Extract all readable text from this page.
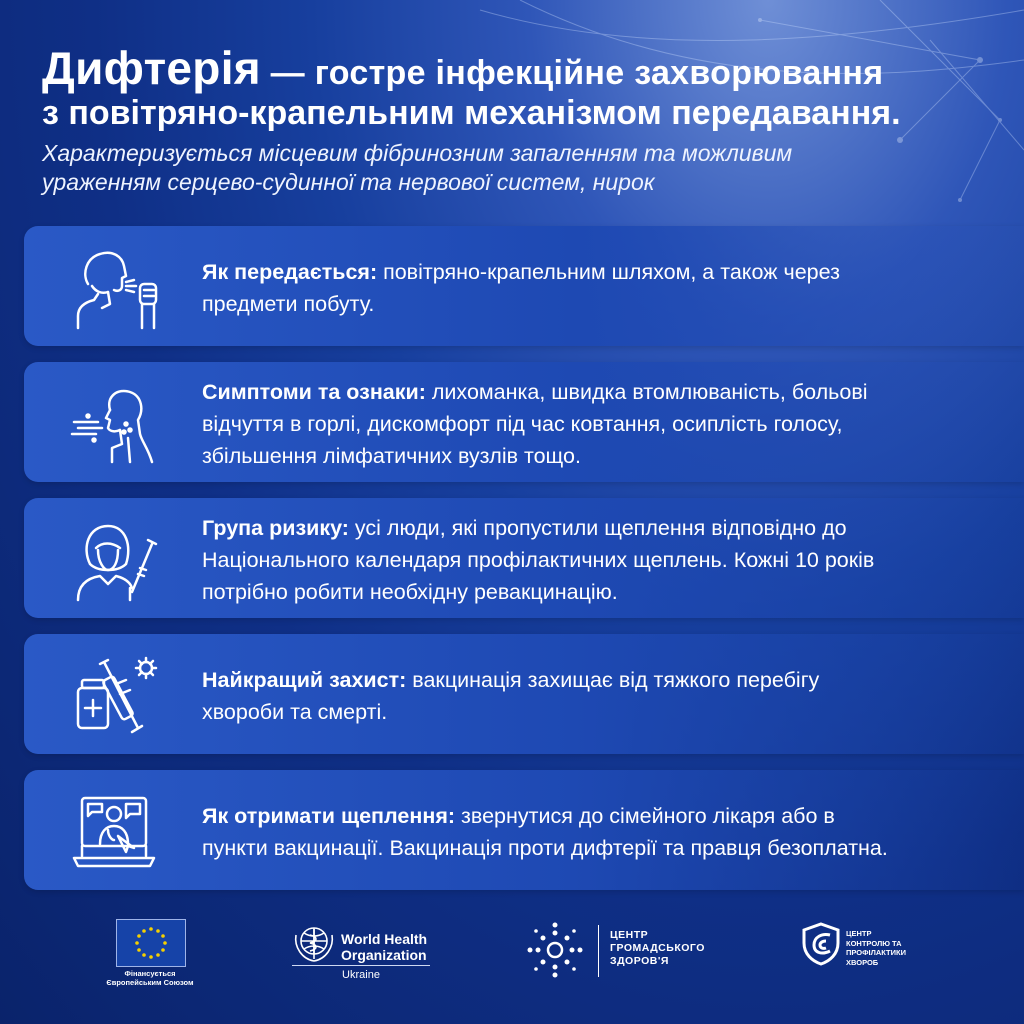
Дифтерія — гостре інфекційне захворювання
з повітряно-крапельним механізмом передавання.
Характеризується місцевим фібринозним запаленням та можливим
ураженням серцево-судинної та нервової систем, нирок
Як передається: повітряно-крапельним шляхом, а також через
предмети побуту.
Симптоми та ознаки: лихоманка, швидка втомлюваність, больові
відчуття в горлі, дискомфорт під час ковтання, осиплість голосу,
збільшення лімфатичних вузлів тощо.
Група ризику: усі люди, які пропустили щеплення відповідно до
Національного календаря профілактичних щеплень. Кожні 10 років
потрібно робити необхідну ревакцинацію.
Найкращий захист: вакцинація захищає від тяжкого перебігу
хвороби та смерті.
Як отримати щеплення: звернутися до сімейного лікаря або в
пункти вакцинації. Вакцинація проти дифтерії та правця безоплатна.
Фінансується
Європейським Союзом
World Health
Organization
Ukraine
ЦЕНТР
ГРОМАДСЬКОГО
ЗДОРОВ'Я
ЦЕНТР
КОНТРОЛЮ ТА
ПРОФІЛАКТИКИ
ХВОРОБ
